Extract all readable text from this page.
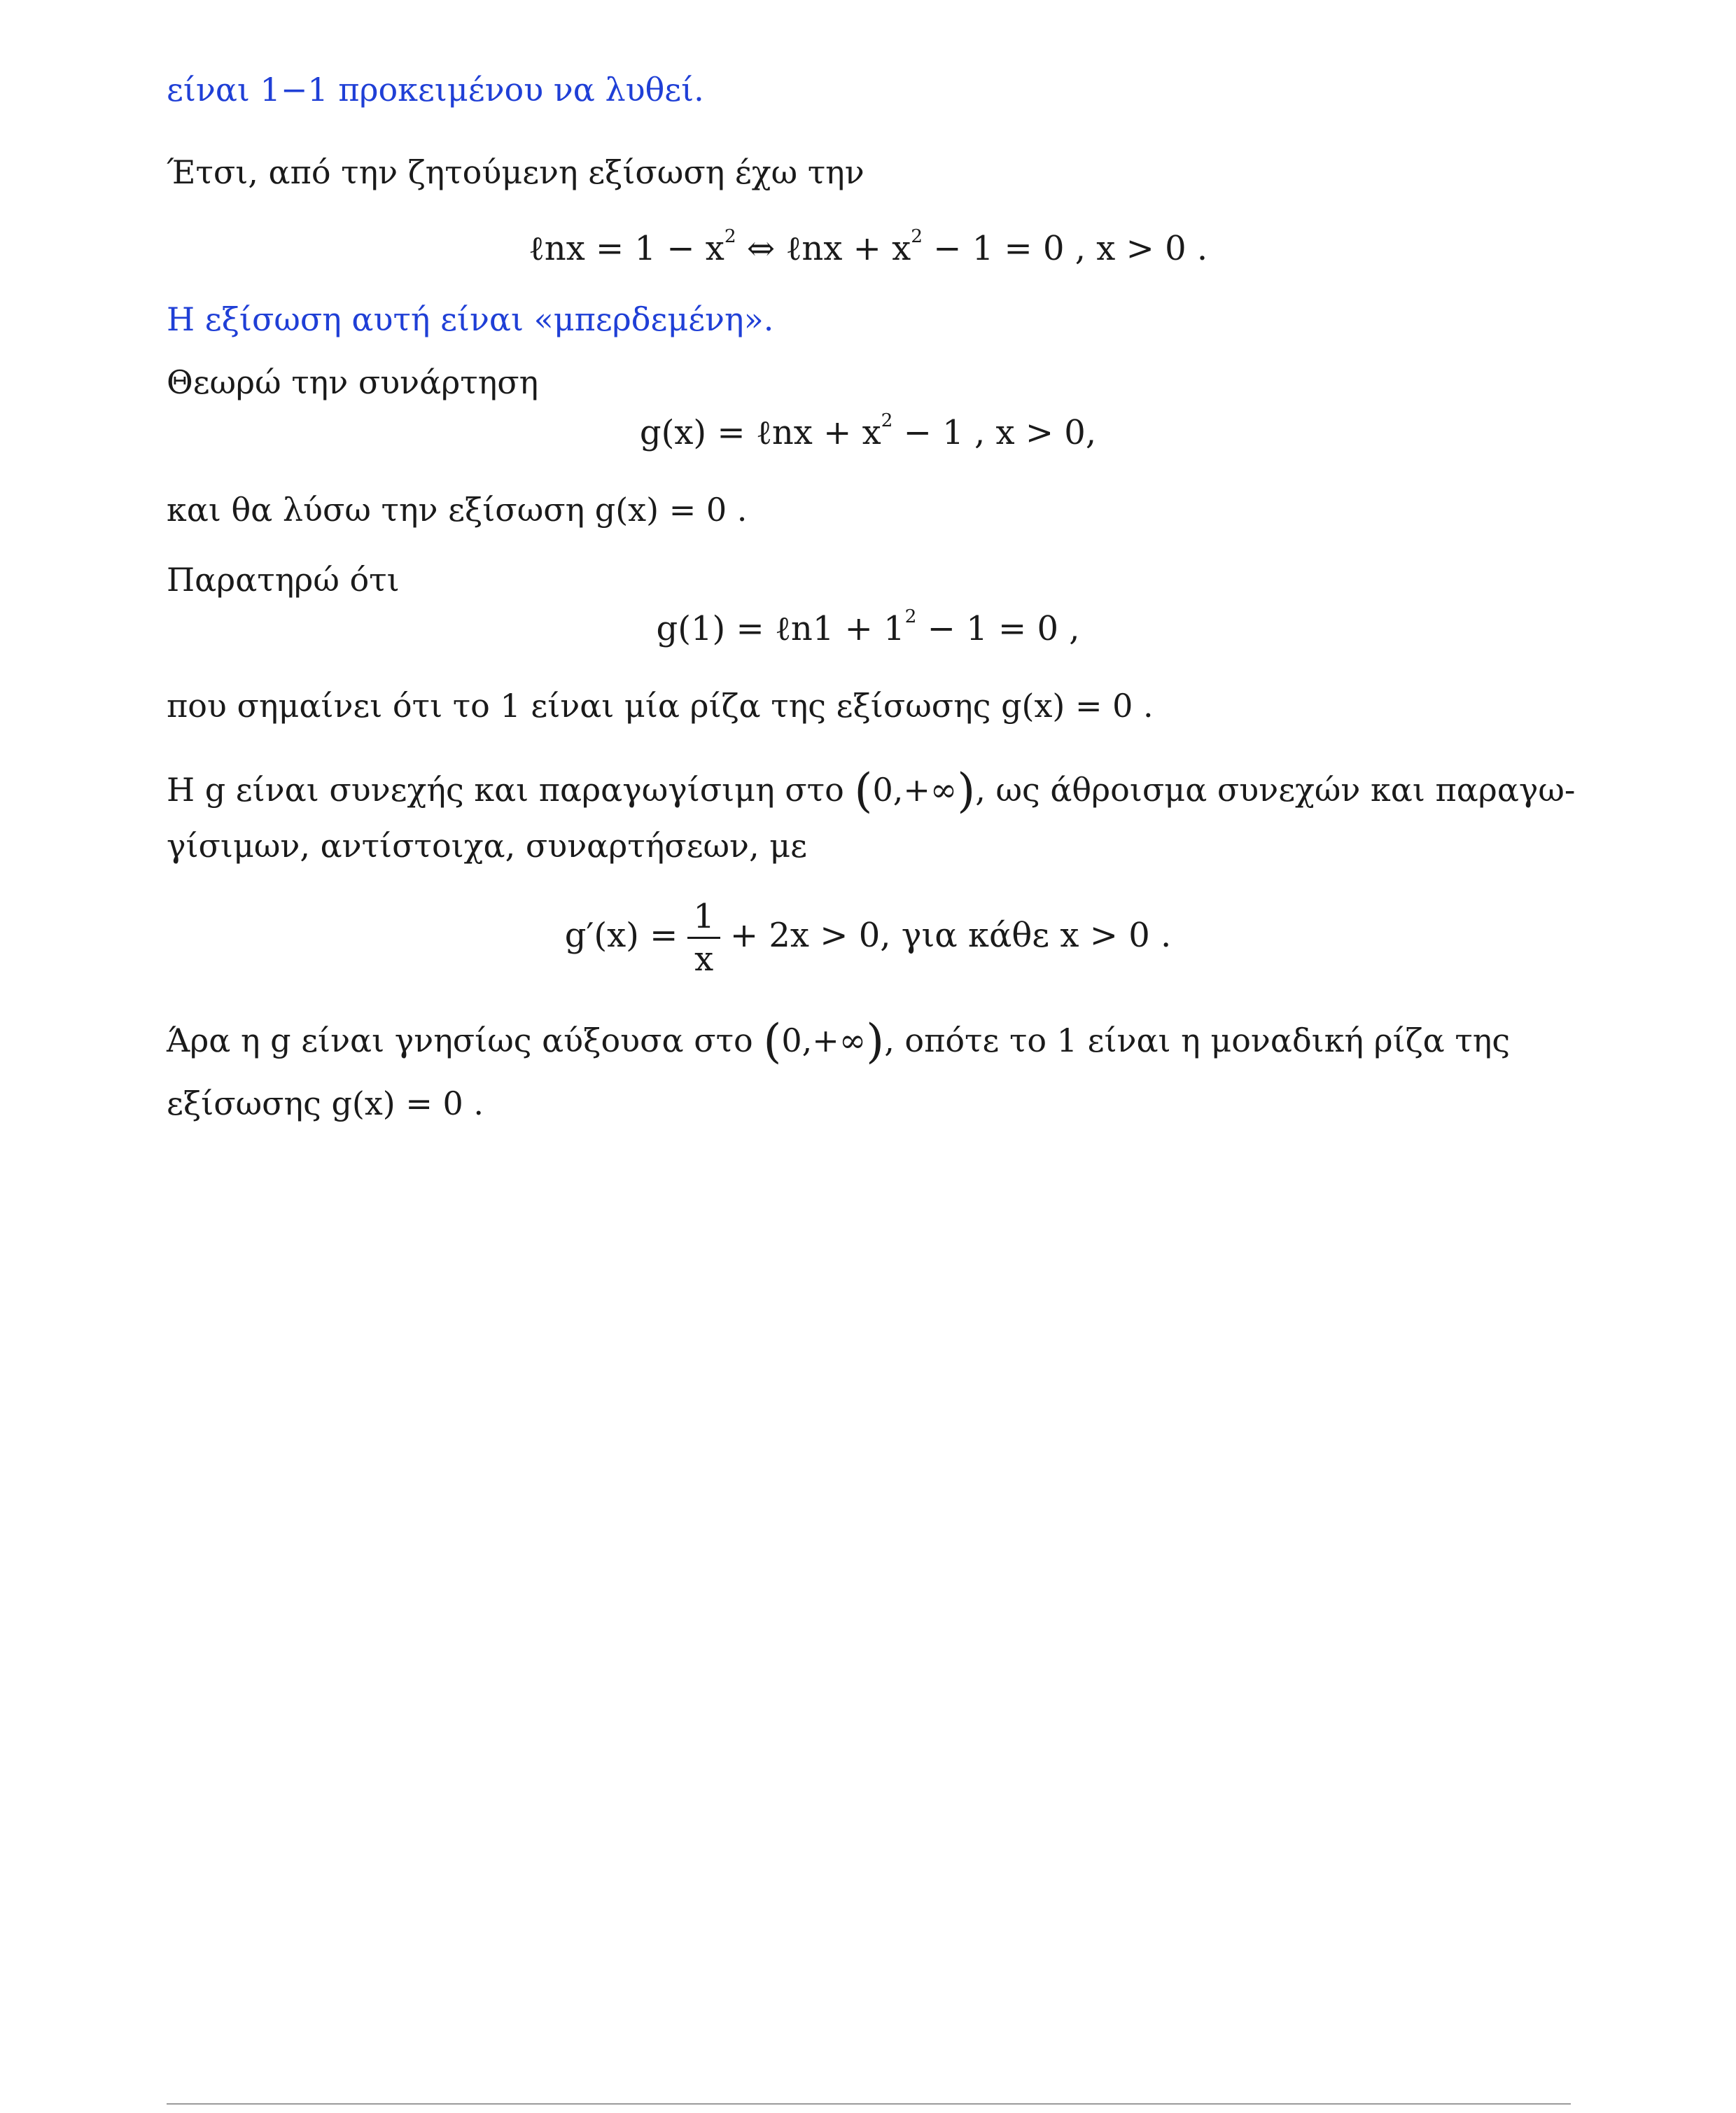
είναι 1−1 προκειμένου να λυθεί.
Έτσι, από την ζητούμενη εξίσωση έχω την
ℓnx = $1 - x^2$ ⇔ ℓnx + $x^2 - 1 = 0$ , x > 0 .
Η εξίσωση αυτή είναι «μπερδεμένη».
Θεωρώ την συνάρτηση
g(x) = ℓnx + $x^2 - 1$ , x > 0,
και θα λύσω την εξίσωση g(x) = 0 .
Παρατηρώ ότι
g(1) = ℓn1 + $1^2 - 1 = 0$ ,
που σημαίνει ότι το 1 είναι μία ρίζα της εξίσωσης g(x) = 0 .
Η g είναι συνεχής και παραγωγίσιμη στο (0,+∞), ως άθροισμα συνεχών και παραγω-
γίσιμων, αντίστοιχα, συναρτήσεων, με
$g'(x) = \frac{1}{x} + 2x > 0$, για κάθε x > 0 .
Άρα η g είναι γνησίως αύξουσα στο (0,+∞), οπότε το 1 είναι η μοναδική ρίζα της
εξίσωσης g(x) = 0 .
